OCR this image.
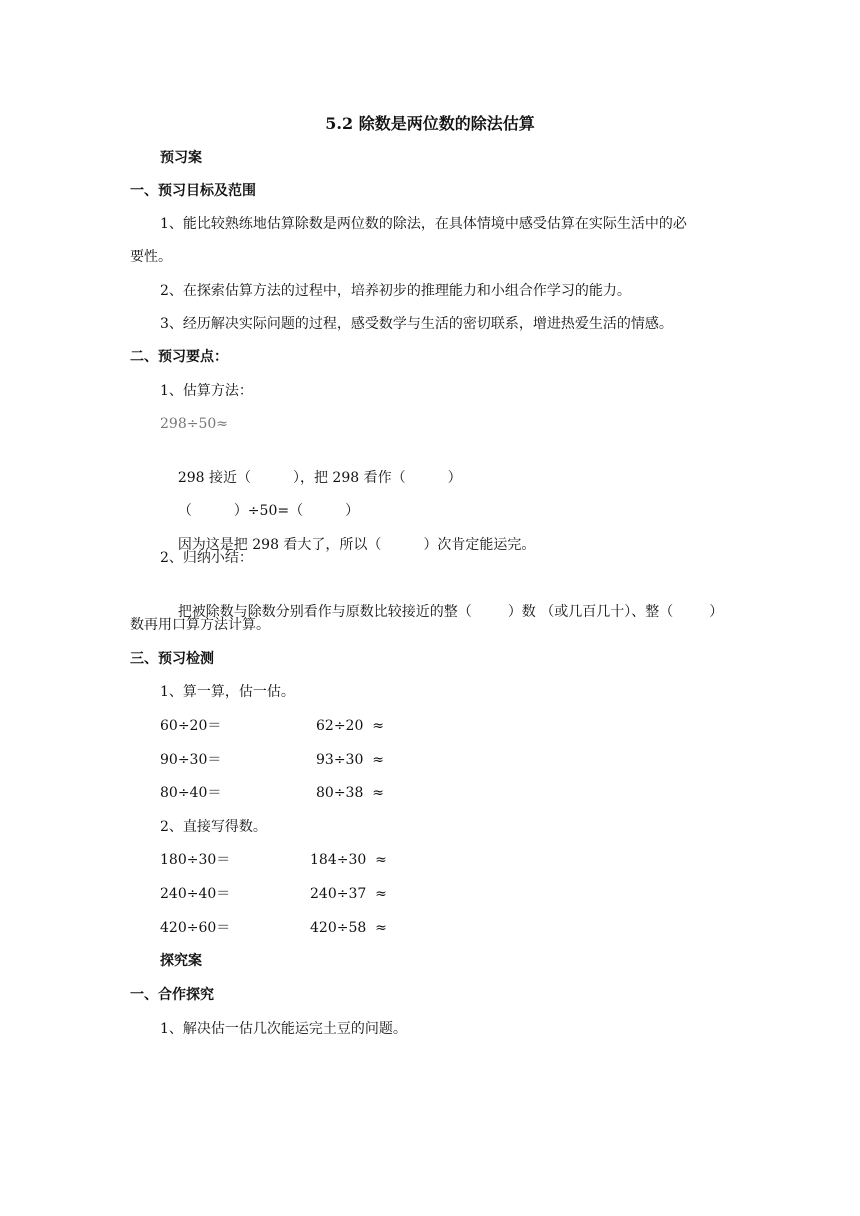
5.2 除数是两位数的除法估算
预习案
一、预习目标及范围
1、能比较熟练地估算除数是两位数的除法，在具体情境中感受估算在实际生活中的必
要性。
2、在探索估算方法的过程中，培养初步的推理能力和小组合作学习的能力。
3、经历解决实际问题的过程，感受数学与生活的密切联系，增进热爱生活的情感。
二、预习要点：
1、估算方法：
298÷50≈

298 接近（	），把 298 看作（	）

（	）÷50=（	）

因为这是把 298 看大了，所以（	）次肯定能运完。

2、归纳小结：

把被除数与除数分别看作与原数比较接近的整（	）数 （或几百几十）、整（	）

数再用口算方法计算。
三、预习检测
1、算一算，估一估。
60÷20＝	62÷20  ≈
90÷30＝	93÷30  ≈
80÷40＝	80÷38  ≈
2、直接写得数。
180÷30＝	184÷30  ≈
240÷40＝	240÷37  ≈
420÷60＝	420÷58  ≈
探究案
一、合作探究
1、解决估一估几次能运完土豆的问题。
